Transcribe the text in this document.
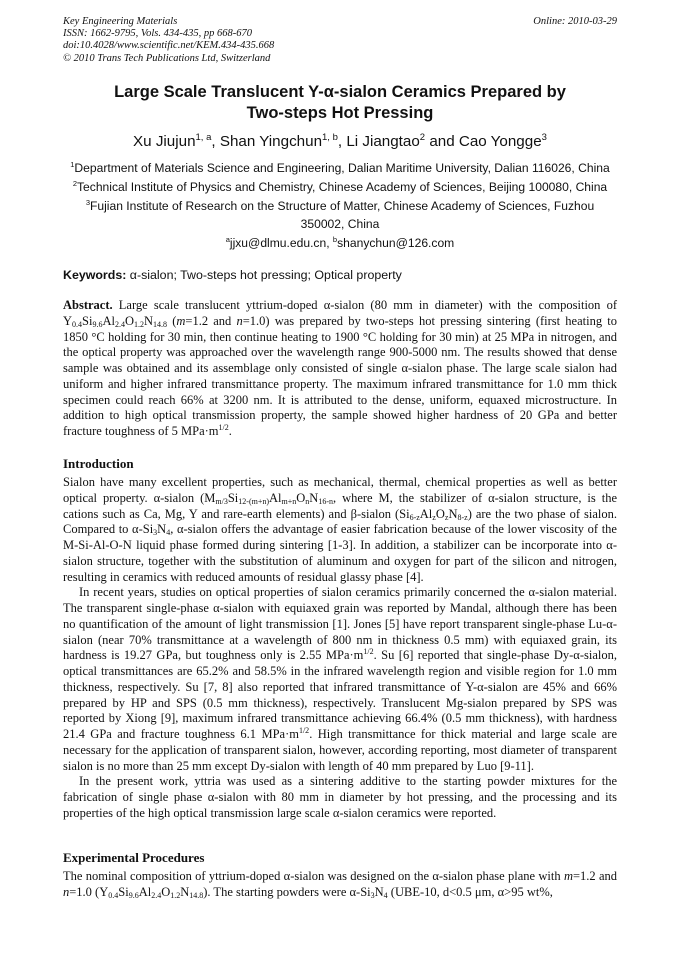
Key Engineering Materials
ISSN: 1662-9795, Vols. 434-435, pp 668-670
doi:10.4028/www.scientific.net/KEM.434-435.668
© 2010 Trans Tech Publications Ltd, Switzerland
Online: 2010-03-29
Large Scale Translucent Y-α-sialon Ceramics Prepared by
Two-steps Hot Pressing
Xu Jiujun$^{1, a}$, Shan Yingchun$^{1, b}$, Li Jiangtao$^2$ and Cao Yongge$^3$
$^1$Department of Materials Science and Engineering, Dalian Maritime University, Dalian 116026, China
$^2$Technical Institute of Physics and Chemistry, Chinese Academy of Sciences, Beijing 100080, China
$^3$Fujian Institute of Research on the Structure of Matter, Chinese Academy of Sciences, Fuzhou 350002, China
$^a$jjxu@dlmu.edu.cn, $^b$shanychun@126.com
Keywords: α-sialon; Two-steps hot pressing; Optical property

Abstract. Large scale translucent yttrium-doped α-sialon (80 mm in diameter) with the composition of $Y_{0.4}Si_{9.6}Al_{2.4}O_{1.2}N_{14.8}$ (m=1.2 and n=1.0) was prepared by two-steps hot pressing sintering (first heating to 1850 °C holding for 30 min, then continue heating to 1900 °C holding for 30 min) at 25 MPa in nitrogen, and the optical property was approached over the wavelength range 900-5000 nm. The results showed that dense sample was obtained and its assemblage only consisted of single α-sialon phase. The large scale sialon had uniform and higher infrared transmittance property. The maximum infrared transmittance for 1.0 mm thick specimen could reach 66% at 3200 nm. It is attributed to the dense, uniform, equaxed microstructure. In addition to high optical transmission property, the sample showed higher hardness of 20 GPa and better fracture toughness of 5 $MPa\cdot m^{1/2}$.

Introduction

Sialon have many excellent properties, such as mechanical, thermal, chemical properties as well as better optical property. α-sialon ($M_{m/3}Si_{12-(m+n)}Al_{m+n}O_nN_{16-n}$, where M, the stabilizer of α-sialon structure, is the cations such as Ca, Mg, Y and rare-earth elements) and β-sialon $(Si_{6-z}Al_zO_zN_{8-z})$ are the two phase of sialon. Compared to $\alpha-Si_3N_4$, α-sialon offers the advantage of easier fabrication because of the lower viscosity of the M-Si-Al-O-N liquid phase formed during sintering [1-3]. In addition, a stabilizer can be incorporate into α-sialon structure, together with the substitution of aluminum and oxygen for part of the silicon and nitrogen, resulting in ceramics with reduced amounts of residual glassy phase [4].

In recent years, studies on optical properties of sialon ceramics primarily concerned the α-sialon material. The transparent single-phase α-sialon with equiaxed grain was reported by Mandal, although there has been no quantification of the amount of light transmission [1]. Jones [5] have report transparent single-phase Lu-α-sialon (near 70% transmittance at a wavelength of 800 nm in thickness 0.5 mm) with equiaxed grain, its hardness is 19.27 GPa, but toughness only is 2.55 $MPa\cdot m^{1/2}$. Su [6] reported that single-phase Dy-α-sialon, optical transmittances are 65.2% and 58.5% in the infrared wavelength region and visible region for 1.0 mm thickness, respectively. Su [7, 8] also reported that infrared transmittance of Y-α-sialon are 45% and 66% prepared by HP and SPS (0.5 mm thickness), respectively. Translucent Mg-sialon prepared by SPS was reported by Xiong [9], maximum infrared transmittance achieving 66.4% (0.5 mm thickness), with hardness 21.4 GPa and fracture toughness 6.1 $MPa\cdot m^{1/2}$. High transmittance for thick material and large scale are necessary for the application of transparent sialon, however, according reporting, most diameter of transparent sialon is no more than 25 mm except Dy-sialon with length of 40 mm prepared by Luo [9-11].

In the present work, yttria was used as a sintering additive to the starting powder mixtures for the fabrication of single phase α-sialon with 80 mm in diameter by hot pressing, and the processing and its properties of the high optical transmission large scale α-sialon ceramics were reported.

Experimental Procedures

The nominal composition of yttrium-doped α-sialon was designed on the α-sialon phase plane with m=1.2 and n=1.0 $(Y_{0.4}Si_{9.6}Al_{2.4}O_{1.2}N_{14.8})$. The starting powders were $\alpha-Si_3N_4$ (UBE-10, d<0.5 μm, α>95 wt%,
